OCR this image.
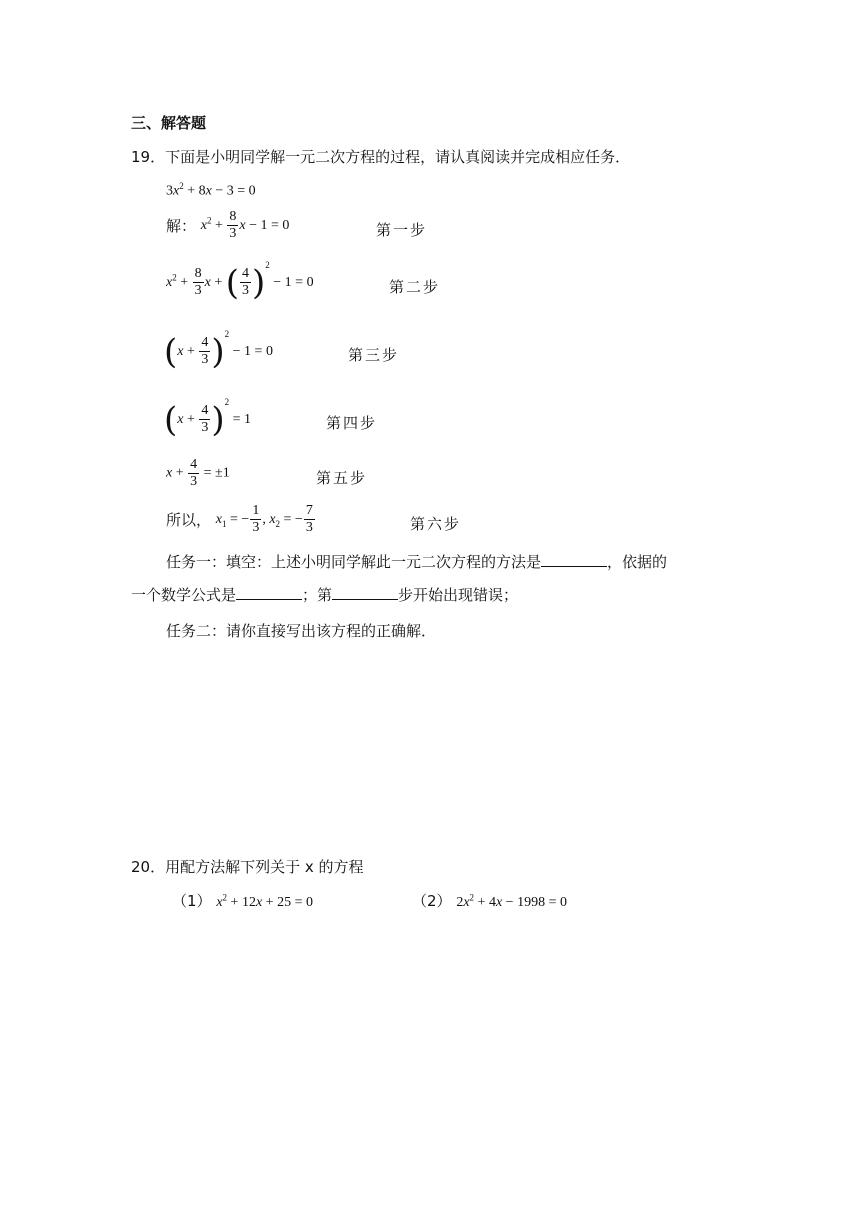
三、解答题
19．下面是小明同学解一元二次方程的过程，请认真阅读并完成相应任务．
$3x^2 + 8x - 3 = 0$
解： $x^2 + \frac{8}{3}$ x − 1 = 0	第一步
$x^2 + \frac{8}{3}$ x + ( $\frac{4}{3} )^2 - 1 = 0$	第二步
$(x + \frac{4}{3} )^2 - 1 = 0$	第三步
$(x + \frac{4}{3} )^2 = 1$	第四步
$x + \frac{4}{3} = \pm 1$	第五步
所以， $x_1$ = − $\frac{1}{3}$ , $x_2$ = − $\frac{7}{3}$	第六步
任务一：填空：上述小明同学解此一元二次方程的方法是	，依据的
一个数学公式是	；第	步开始出现错误；
任务二：请你直接写出该方程的正确解．
20．用配方法解下列关于 x 的方程
（1） $x^2 + 12x + 25 = 0$	（2） $2x^2 + 4x - 1998 = 0$
